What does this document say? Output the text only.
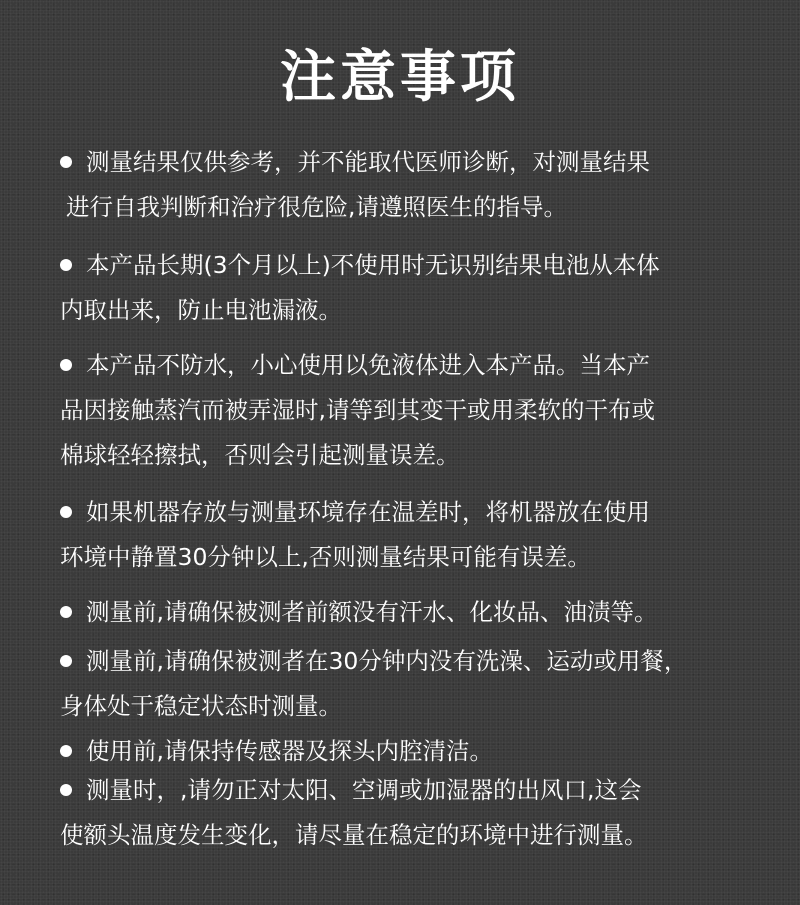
注意事项
测量结果仅供参考，并不能取代医师诊断，对测量结果
进行自我判断和治疗很危险,请遵照医生的指导。
本产品长期(3个月以上)不使用时无识别结果电池从本体
内取出来，防止电池漏液。
本产品不防水，小心使用以免液体进入本产品。当本产
品因接触蒸汽而被弄湿时,请等到其变干或用柔软的干布或
棉球轻轻擦拭，否则会引起测量误差。
如果机器存放与测量环境存在温差时，将机器放在使用
环境中静置30分钟以上,否则测量结果可能有误差。
测量前,请确保被测者前额没有汗水、化妆品、油渍等。
测量前,请确保被测者在30分钟内没有洗澡、运动或用餐，
身体处于稳定状态时测量。
使用前,请保持传感器及探头内腔清洁。
测量时，,请勿正对太阳、空调或加湿器的出风口,这会
使额头温度发生变化，请尽量在稳定的环境中进行测量。
